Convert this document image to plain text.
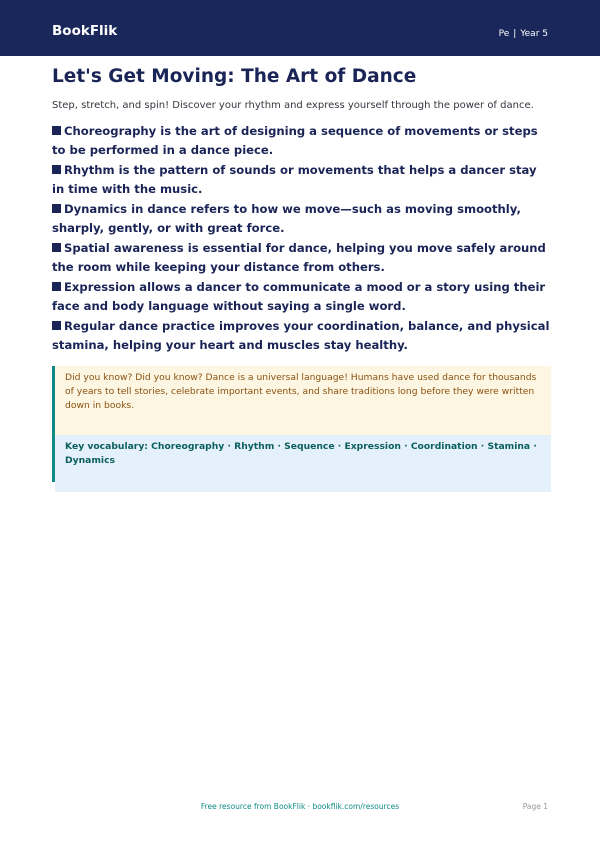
BookFlik	Pe | Year 5
Let's Get Moving: The Art of Dance
Step, stretch, and spin! Discover your rhythm and express yourself through the power of dance.
Choreography is the art of designing a sequence of movements or steps to be performed in a dance piece.
Rhythm is the pattern of sounds or movements that helps a dancer stay in time with the music.
Dynamics in dance refers to how we move—such as moving smoothly, sharply, gently, or with great force.
Spatial awareness is essential for dance, helping you move safely around the room while keeping your distance from others.
Expression allows a dancer to communicate a mood or a story using their face and body language without saying a single word.
Regular dance practice improves your coordination, balance, and physical stamina, helping your heart and muscles stay healthy.
Did you know? Did you know? Dance is a universal language! Humans have used dance for thousands of years to tell stories, celebrate important events, and share traditions long before they were written down in books.
Key vocabulary: Choreography · Rhythm · Sequence · Expression · Coordination · Stamina · Dynamics
Free resource from BookFlik · bookflik.com/resources	Page 1
